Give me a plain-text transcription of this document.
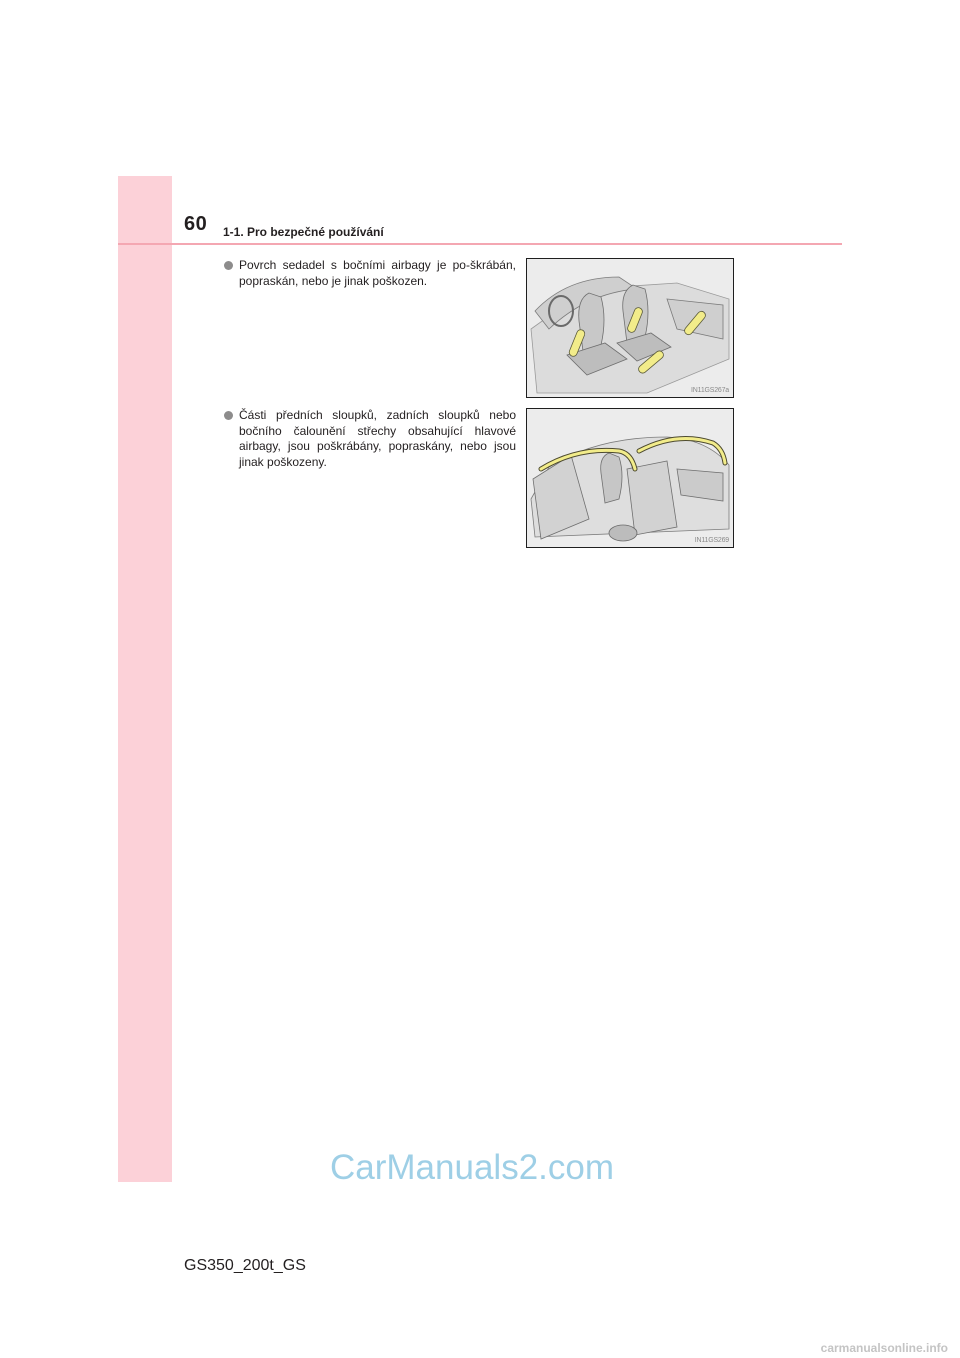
60 1-1. Pro bezpečné používání
Povrch sedadel s bočními airbagy je po-škrábán, popraskán, nebo je jinak poškozen.
IN11GS267a
Části předních sloupků, zadních sloupků nebo bočního čalounění střechy obsahující hlavové airbagy, jsou poškrábány, popraskány, nebo jsou jinak poškozeny.
IN11GS269
CarManuals2.com
GS350_200t_GS
carmanualsonline.info
